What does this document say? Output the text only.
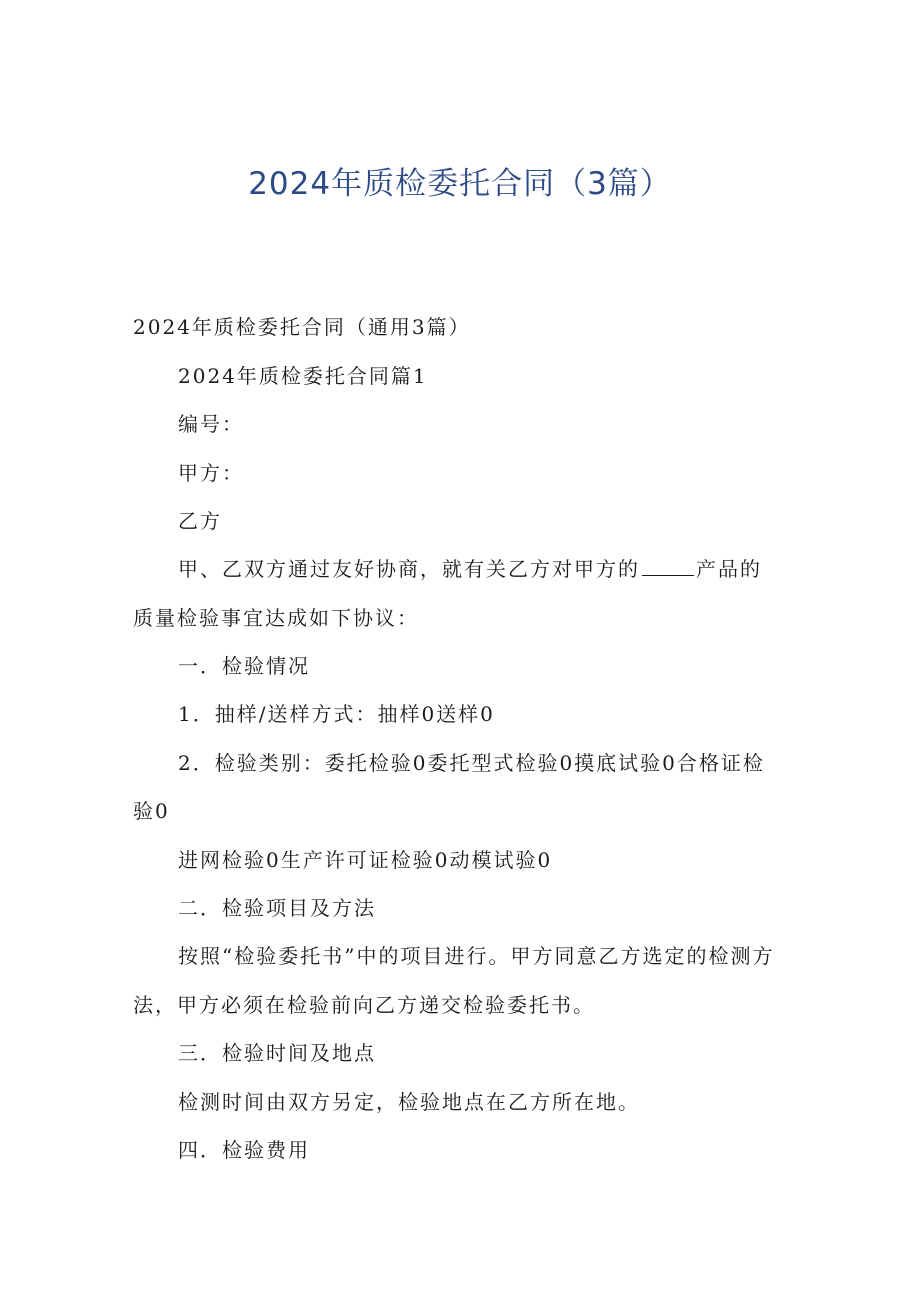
2024年质检委托合同（3篇）
2024年质检委托合同（通用3篇）
2024年质检委托合同篇1
编号：
甲方：
乙方
甲、乙双方通过友好协商，就有关乙方对甲方的	产品的
质量检验事宜达成如下协议：
一．检验情况
1．抽样/送样方式：抽样0送样0
2．检验类别：委托检验0委托型式检验0摸底试验0合格证检
验0
进网检验0生产许可证检验0动模试验0
二．检验项目及方法
按照“检验委托书”中的项目进行。甲方同意乙方选定的检测方
法，甲方必须在检验前向乙方递交检验委托书。
三．检验时间及地点
检测时间由双方另定，检验地点在乙方所在地。
四．检验费用
